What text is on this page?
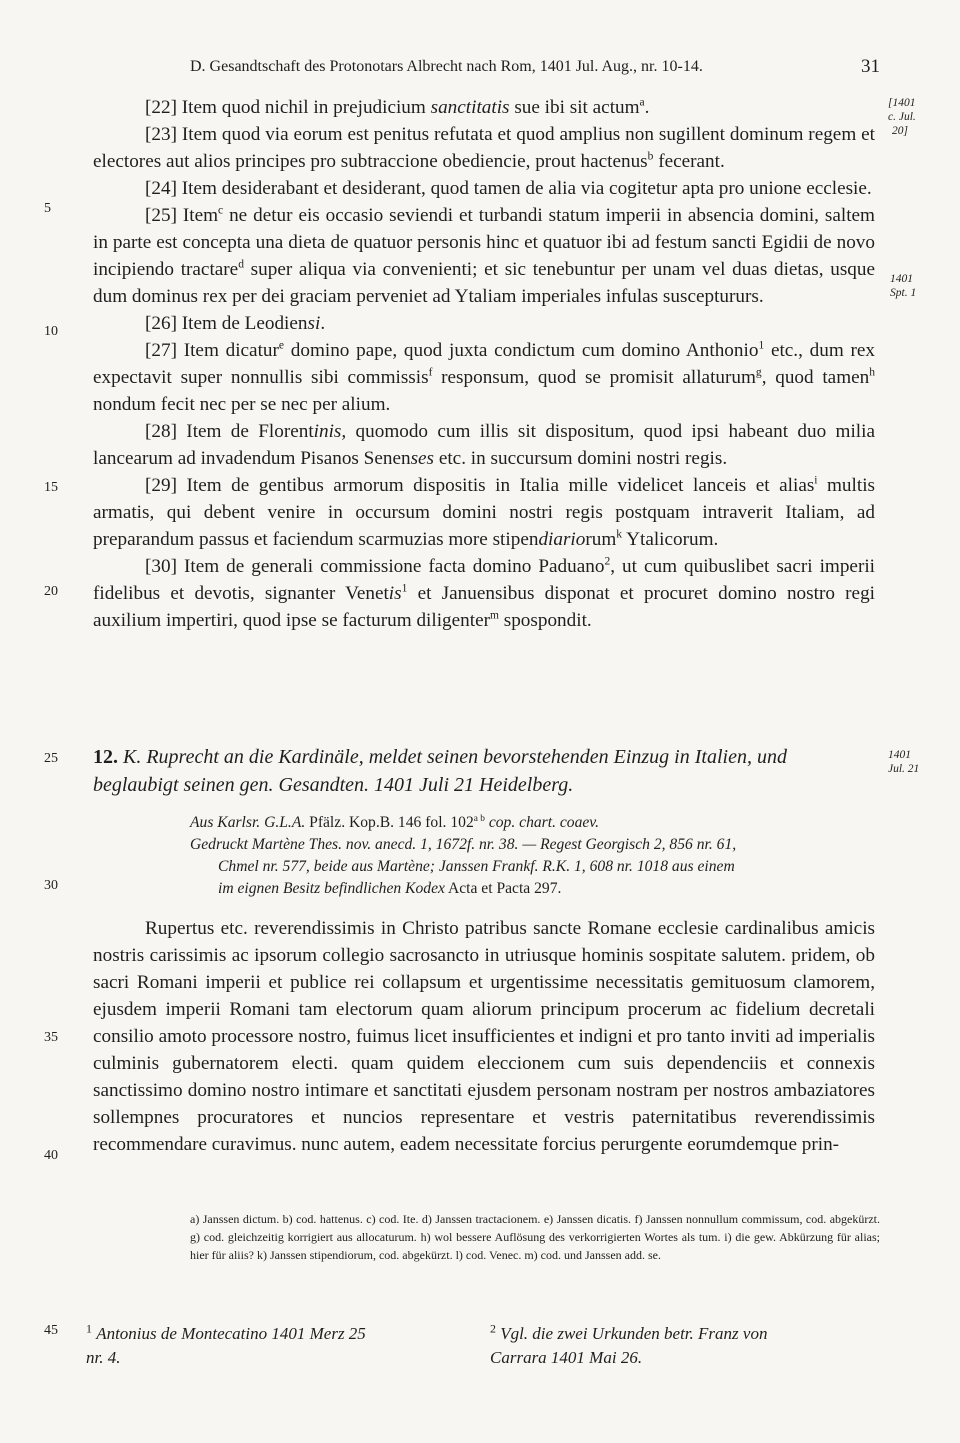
D. Gesandtschaft des Protonotars Albrecht nach Rom, 1401 Jul. Aug., nr. 10-14.	31
[1401
c. Jul.
20]
1401
Spt. 1
1401
Jul. 21
5
10
15
20
25
30
35
40
45

[22] Item quod nichil in prejudicium sanctitatis sue ibi sit actum$^a$.

[23] Item quod via eorum est penitus refutata et quod amplius non sugillent dominum regem et electores aut alios principes pro subtraccione obediencie, prout hactenus$^b$ fecerant.

[24] Item desiderabant et desiderant, quod tamen de alia via cogitetur apta pro unione ecclesie.

[25] Item$^c$ ne detur eis occasio seviendi et turbandi statum imperii in absencia domini, saltem in parte est concepta una dieta de quatuor personis hinc et quatuor ibi ad festum sancti Egidii de novo incipiendo tractare$^d$ super aliqua via convenienti; et sic tenebuntur per unam vel duas dietas, usque dum dominus rex per dei graciam perveniet ad Ytaliam imperiales infulas susceptururs.

[26] Item de Leodiensi.

[27] Item dicatur$^e$ domino pape, quod juxta condictum cum domino Anthonio$^1$ etc., dum rex expectavit super nonnullis sibi commissis$^f$ responsum, quod se promisit allaturum$^g$, quod tamen$^h$ nondum fecit nec per se nec per alium.

[28] Item de Florentinis, quomodo cum illis sit dispositum, quod ipsi habeant duo milia lancearum ad invadendum Pisanos Senenses etc. in succursum domini nostri regis.

[29] Item de gentibus armorum dispositis in Italia mille videlicet lanceis et alias$^i$ multis armatis, qui debent venire in occursum domini nostri regis postquam intraverit Italiam, ad preparandum passus et faciendum scarmuzias more stipendiariorum$^k$ Ytalicorum.

[30] Item de generali commissione facta domino Paduano$^2$, ut cum quibuslibet sacri imperii fidelibus et devotis, signanter Venetis$^1$ et Januensibus disponat et procuret domino nostro regi auxilium impertiri, quod ipse se facturum diligenter$^m$ spospondit.

12. K. Ruprecht an die Kardinäle, meldet seinen bevorstehenden Einzug in Italien, und beglaubigt seinen gen. Gesandten. 1401 Juli 21 Heidelberg.
Aus Karlsr. G.L.A. Pfälz. Kop.B. 146 fol. $102^{a b}$ cop. chart. coaev.
Gedruckt Martène Thes. nov. anecd. 1, 1672f. nr. 38. — Regest Georgisch 2, 856 nr. 61,
Chmel nr. 577, beide aus Martène; Janssen Frankf. R.K. 1, 608 nr. 1018 aus einem
im eignen Besitz befindlichen Kodex Acta et Pacta 297.

Rupertus etc. reverendissimis in Christo patribus sancte Romane ecclesie cardinalibus amicis nostris carissimis ac ipsorum collegio sacrosancto in utriusque hominis sospitate salutem. pridem, ob sacri Romani imperii et publice rei collapsum et urgentissime necessitatis gemituosum clamorem, ejusdem imperii Romani tam electorum quam aliorum principum procerum ac fidelium decretali consilio amoto processore nostro, fuimus licet insufficientes et indigni et pro tanto inviti ad imperialis culminis gubernatorem electi. quam quidem eleccionem cum suis dependenciis et connexis sanctissimo domino nostro intimare et sanctitati ejusdem personam nostram per nostros ambaziatores sollempnes procuratores et nuncios representare et vestris paternitatibus reverendissimis recommendare curavimus. nunc autem, eadem necessitate forcius perurgente eorumdemque prin-

a) Janssen dictum. b) cod. hattenus. c) cod. Ite. d) Janssen tractacionem. e) Janssen dicatis. f) Janssen nonnullum commissum, cod. abgekürzt. g) cod. gleichzeitig korrigiert aus allocaturum. h) wol bessere Auflösung des verkorrigierten Wortes als tum. i) die gew. Abkürzung für alias; hier für aliis? k) Janssen stipendiorum, cod. abgekürzt. l) cod. Venec. m) cod. und Janssen add. se.
$^1$ Antonius de Montecatino 1401 Merz 25
nr. 4.
$^2$ Vgl. die zwei Urkunden betr. Franz von
Carrara 1401 Mai 26.
